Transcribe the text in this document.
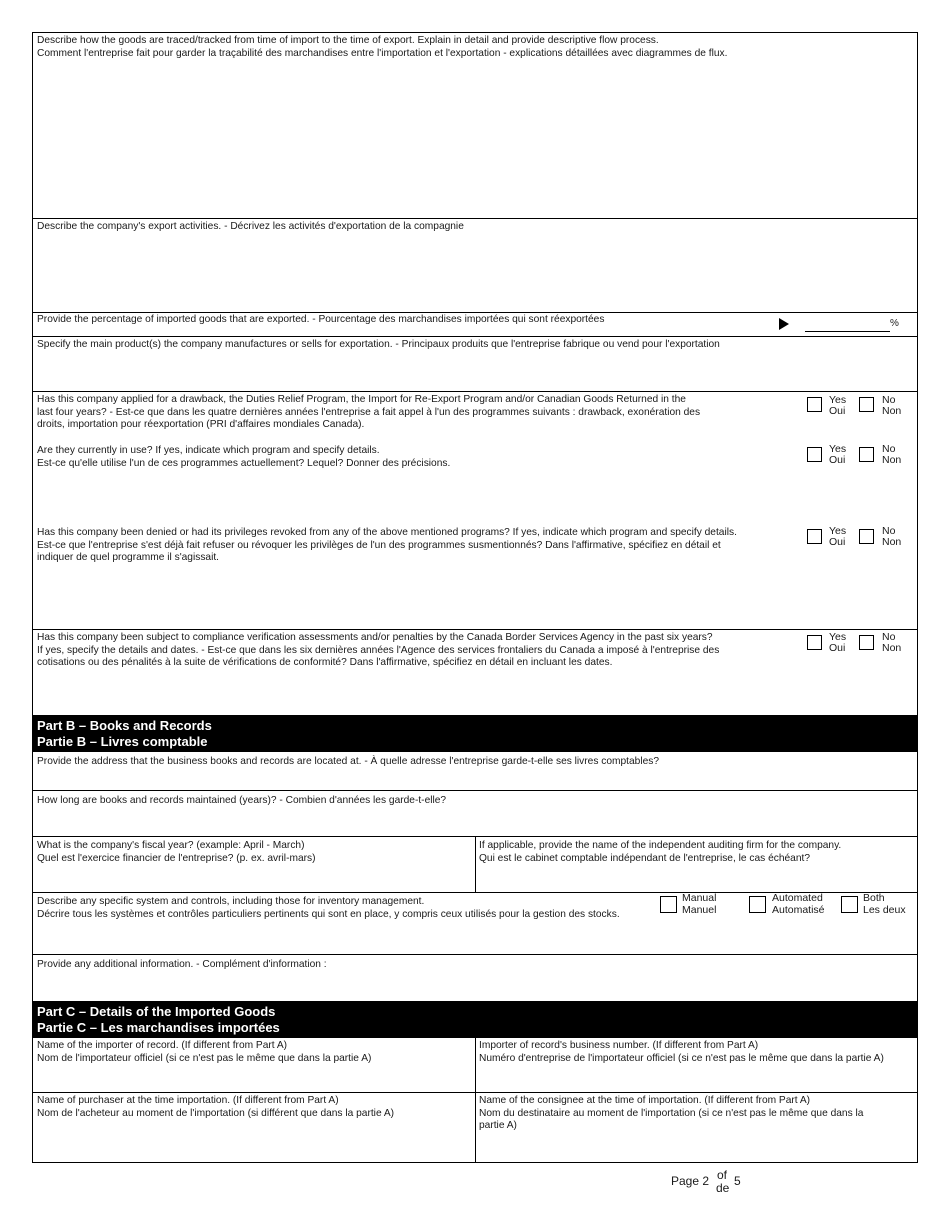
Describe how the goods are traced/tracked from time of import to the time of export. Explain in detail and provide descriptive flow process.
Comment l'entreprise fait pour garder la traçabilité des marchandises entre l'importation et l'exportation - explications détaillées avec diagrammes de flux.
Describe the company's export activities. - Décrivez les activités d'exportation de la compagnie
Provide the percentage of imported goods that are exported. - Pourcentage des marchandises importées qui sont réexportées	%
Specify the main product(s) the company manufactures or sells for exportation. - Principaux produits que l'entreprise fabrique ou vend pour l'exportation
Has this company applied for a drawback, the Duties Relief Program, the Import for Re-Export Program and/or Canadian Goods Returned in the
last four years? - Est-ce que dans les quatre dernières années l'entreprise a fait appel à l'un des programmes suivants : drawback, exonération des
droits, importation pour réexportation (PRI d'affaires mondiales Canada).
Yes
Oui
No
Non
Are they currently in use? If yes, indicate which program and specify details.
Est-ce qu'elle utilise l'un de ces programmes actuellement? Lequel? Donner des précisions.
Yes
Oui
No
Non
Has this company been denied or had its privileges revoked from any of the above mentioned programs? If yes, indicate which program and specify details.
Est-ce que l'entreprise s'est déjà fait refuser ou révoquer les privilèges de l'un des programmes susmentionnés? Dans l'affirmative, spécifiez en détail et
indiquer de quel programme il s'agissait.
Yes
Oui
No
Non
Has this company been subject to compliance verification assessments and/or penalties by the Canada Border Services Agency in the past six years?
If yes, specify the details and dates. - Est-ce que dans les six dernières années l'Agence des services frontaliers du Canada a imposé à l'entreprise des
cotisations ou des pénalités à la suite de vérifications de conformité? Dans l'affirmative, spécifiez en détail en incluant les dates.
Yes
Oui
No
Non
Part B – Books and Records
Partie B – Livres comptable
Provide the address that the business books and records are located at. - À quelle adresse l'entreprise garde-t-elle ses livres comptables?
How long are books and records maintained (years)? - Combien d'années les garde-t-elle?
What is the company's fiscal year? (example: April - March)
Quel est l'exercice financier de l'entreprise? (p. ex. avril-mars)
If applicable, provide the name of the independent auditing firm for the company.
Qui est le cabinet comptable indépendant de l'entreprise, le cas échéant?
Describe any specific system and controls, including those for inventory management.
Décrire tous les systèmes et contrôles particuliers pertinents qui sont en place, y compris ceux utilisés pour la gestion des stocks.
Manual
Manuel
Automated
Automatisé
Both
Les deux
Provide any additional information. - Complément d'information :
Part C – Details of the Imported Goods
Partie C – Les marchandises importées
Name of the importer of record. (If different from Part A)
Nom de l'importateur officiel (si ce n'est pas le même que dans la partie A)
Importer of record's business number. (If different from Part A)
Numéro d'entreprise de l'importateur officiel (si ce n'est pas le même que dans la partie A)
Name of purchaser at the time importation. (If different from Part A)
Nom de l'acheteur au moment de l'importation (si différent que dans la partie A)
Name of the consignee at the time of importation. (If different from Part A)
Nom du destinataire au moment de l'importation (si ce n'est pas le même que dans la
partie A)
Page 2 of
de 5
